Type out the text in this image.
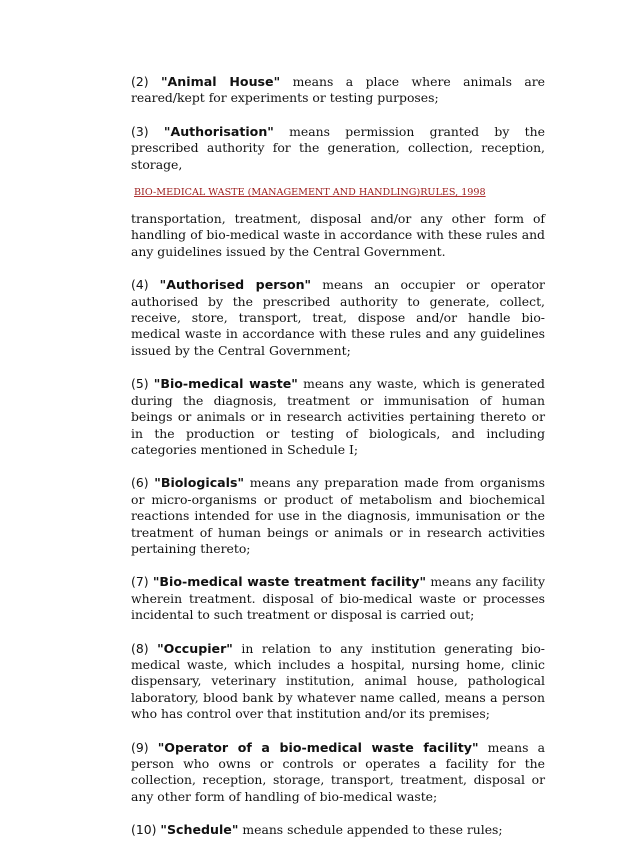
(2) "Animal House" means a place where animals are reared/kept for experiments or testing purposes;

(3) "Authorisation" means permission granted by the prescribed authority for the generation, collection, reception, storage,

BIO-MEDICAL WASTE (MANAGEMENT AND HANDLING)RULES, 1998

transportation, treatment, disposal and/or any other form of handling of bio-medical waste in accordance with these rules and any guidelines issued by the Central Government.

(4) "Authorised person" means an occupier or operator authorised by the prescribed authority to generate, collect, receive, store, transport, treat, dispose and/or handle bio-medical waste in accordance with these rules and any guidelines issued by the Central Government;

(5) "Bio-medical waste" means any waste, which is generated during the diagnosis, treatment or immunisation of human beings or animals or in research activities pertaining thereto or in the production or testing of biologicals, and including categories mentioned in Schedule I;

(6) "Biologicals" means any preparation made from organisms or micro-organisms or product of metabolism and biochemical reactions intended for use in the diagnosis, immunisation or the treatment of human beings or animals or in research activities pertaining thereto;

(7) "Bio-medical waste treatment facility" means any facility wherein treatment. disposal of bio-medical waste or processes incidental to such treatment or disposal is carried out;

(8) "Occupier" in relation to any institution generating bio-medical waste, which includes a hospital, nursing home, clinic dispensary, veterinary institution, animal house, pathological laboratory, blood bank by whatever name called, means a person who has control over that institution and/or its premises;

(9) "Operator of a bio-medical waste facility" means a person who owns or controls or operates a facility for the collection, reception, storage, transport, treatment, disposal or any other form of handling of bio-medical waste;

(10) "Schedule" means schedule appended to these rules;
